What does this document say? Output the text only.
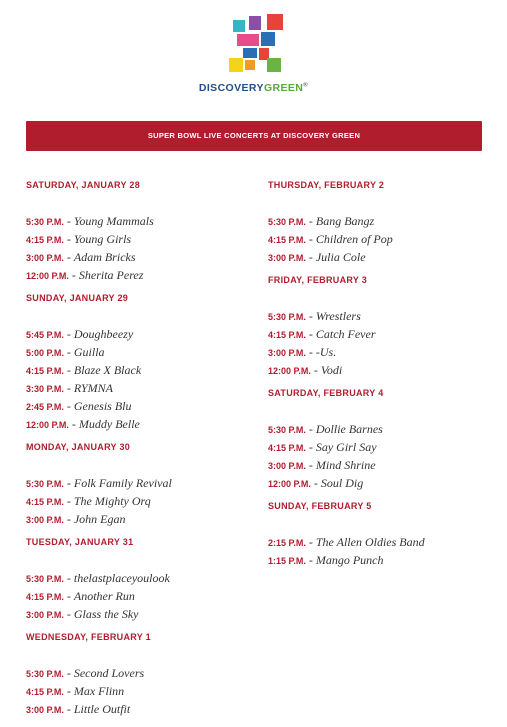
DISCOVERYGREEN®
SUPER BOWL LIVE CONCERTS AT DISCOVERY GREEN
SATURDAY, JANUARY 28
5:30 P.M. - Young Mammals
4:15 P.M. - Young Girls
3:00 P.M. - Adam Bricks
12:00 P.M. - Sherita Perez
SUNDAY, JANUARY 29
5:45 P.M. - Doughbeezy
5:00 P.M. - Guilla
4:15 P.M. - Blaze X Black
3:30 P.M. - RYMNA
2:45 P.M. - Genesis Blu
12:00 P.M. - Muddy Belle
MONDAY, JANUARY 30
5:30 P.M. - Folk Family Revival
4:15 P.M. - The Mighty Orq
3:00 P.M. - John Egan
TUESDAY, JANUARY 31
5:30 P.M. - thelastplaceyoulook
4:15 P.M. - Another Run
3:00 P.M. - Glass the Sky
WEDNESDAY, FEBRUARY 1
5:30 P.M. - Second Lovers
4:15 P.M. - Max Flinn
3:00 P.M. - Little Outfit
THURSDAY, FEBRUARY 2
5:30 P.M. - Bang Bangz
4:15 P.M. - Children of Pop
3:00 P.M. - Julia Cole
FRIDAY, FEBRUARY 3
5:30 P.M. - Wrestlers
4:15 P.M. - Catch Fever
3:00 P.M. - -Us.
12:00 P.M. - Vodi
SATURDAY, FEBRUARY 4
5:30 P.M. - Dollie Barnes
4:15 P.M. - Say Girl Say
3:00 P.M. - Mind Shrine
12:00 P.M. - Soul Dig
SUNDAY, FEBRUARY 5
2:15 P.M. - The Allen Oldies Band
1:15 P.M. - Mango Punch
